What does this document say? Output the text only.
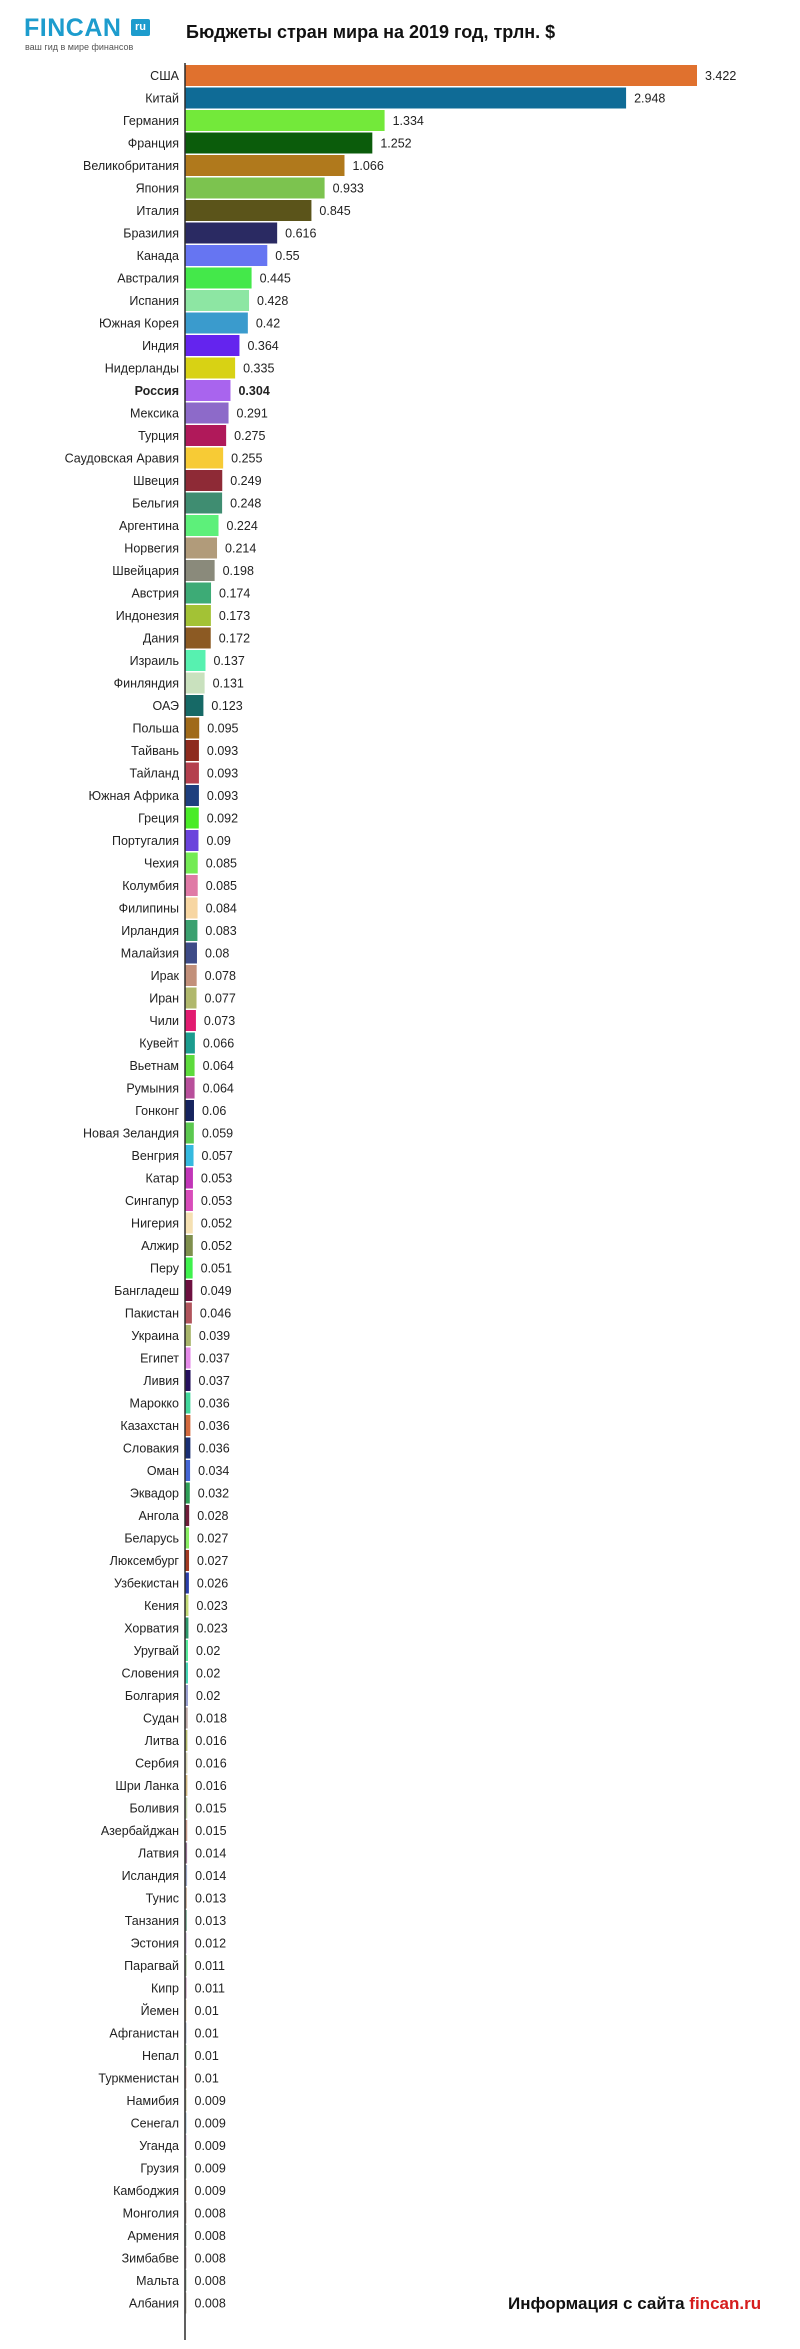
FINCAN	ru
ваш гид в мире финансов
Бюджеты стран мира на 2019 год, трлн. $
США	3.422
Китай	2.948
Германия	1.334
Франция	1.252
Великобритания	1.066
Япония	0.933
Италия	0.845
Бразилия	0.616
Канада	0.55
Австралия	0.445
Испания	0.428
Южная Корея	0.42
Индия	0.364
Нидерланды	0.335
Россия	0.304
Мексика	0.291
Турция	0.275
Саудовская Аравия	0.255
Швеция	0.249
Бельгия	0.248
Аргентина	0.224
Норвегия	0.214
Швейцария	0.198
Австрия	0.174
Индонезия	0.173
Дания	0.172
Израиль	0.137
Финляндия	0.131
ОАЭ	0.123
Польша 0.095
Тайвань 0.093
Тайланд 0.093
Южная Африка 0.093
Греция 0.092
Португалия 0.09
Чехия 0.085
Колумбия 0.085
Филипины 0.084
Ирландия 0.083
Малайзия 0.08
Ирак 0.078
Иран 0.077
Чили 0.073
Кувейт 0.066
Вьетнам 0.064
Румыния 0.064
Гонконг 0.06
Новая Зеландия 0.059
Венгрия 0.057
Катар 0.053
Сингапур 0.053
Нигерия 0.052
Алжир 0.052
Перу 0.051
Бангладеш 0.049
Пакистан 0.046
Украина 0.039
Египет 0.037
Ливия 0.037
Марокко 0.036
Казахстан 0.036
Словакия 0.036
Оман 0.034
Эквадор 0.032
Ангола 0.028
Беларусь 0.027
Люксембург 0.027
Узбекистан 0.026
Кения 0.023
Хорватия 0.023
Уругвай 0.02
Словения 0.02
Болгария 0.02
Судан 0.018
Литва 0.016
Сербия 0.016
Шри Ланка 0.016
Боливия 0.015
Азербайджан 0.015
Латвия 0.014
Исландия 0.014
Тунис 0.013
Танзания 0.013
Эстония 0.012
Парагвай 0.011
Кипр 0.011
Йемен 0.01
Афганистан 0.01
Непал 0.01
Туркменистан 0.01
Намибия 0.009
Сенегал 0.009
Уганда 0.009
Грузия 0.009
Камбоджия 0.009
Монголия 0.008
Армения 0.008
Зимбабве 0.008
Мальта 0.008
Албания 0.008	Информация с сайта fincan.ru
